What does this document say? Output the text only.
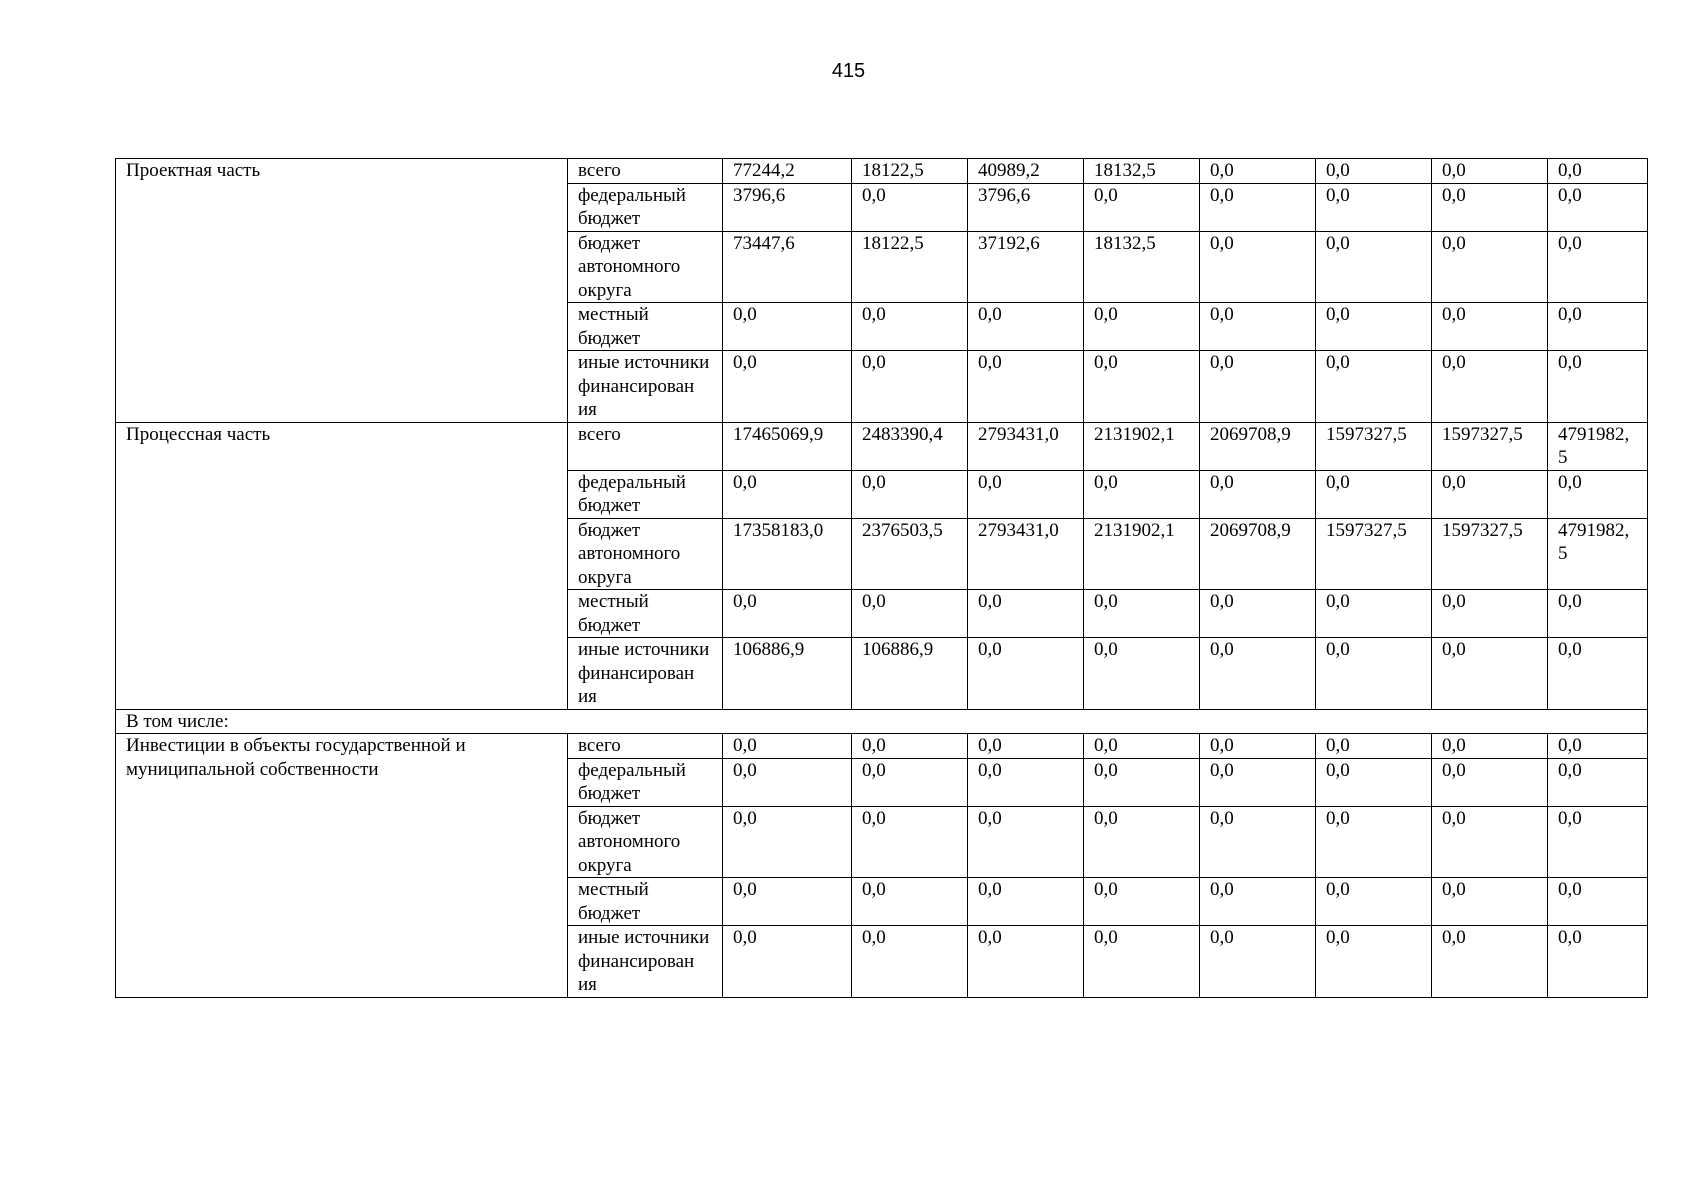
415
Проектная часть	всего	77244,2	18122,5	40989,2	18132,5	0,0	0,0	0,0	0,0
	федеральный бюджет	3796,6	0,0	3796,6	0,0	0,0	0,0	0,0	0,0
	бюджет автономного округа	73447,6	18122,5	37192,6	18132,5	0,0	0,0	0,0	0,0
	местный бюджет	0,0	0,0	0,0	0,0	0,0	0,0	0,0	0,0
	иные источники финансирован ия	0,0	0,0	0,0	0,0	0,0	0,0	0,0	0,0
Процессная часть	всего	17465069,9	2483390,4	2793431,0	2131902,1	2069708,9	1597327,5	1597327,5	4791982, 5
	федеральный бюджет	0,0	0,0	0,0	0,0	0,0	0,0	0,0	0,0
	бюджет автономного округа	17358183,0	2376503,5	2793431,0	2131902,1	2069708,9	1597327,5	1597327,5	4791982, 5
	местный бюджет	0,0	0,0	0,0	0,0	0,0	0,0	0,0	0,0
	иные источники финансирован ия	106886,9	106886,9	0,0	0,0	0,0	0,0	0,0	0,0
В том числе:									
Инвестиции в объекты государственной и муниципальной собственности	всего	0,0	0,0	0,0	0,0	0,0	0,0	0,0	0,0
	федеральный бюджет	0,0	0,0	0,0	0,0	0,0	0,0	0,0	0,0
	бюджет автономного округа	0,0	0,0	0,0	0,0	0,0	0,0	0,0	0,0
	местный бюджет	0,0	0,0	0,0	0,0	0,0	0,0	0,0	0,0
	иные источники финансирован ия	0,0	0,0	0,0	0,0	0,0	0,0	0,0	0,0
